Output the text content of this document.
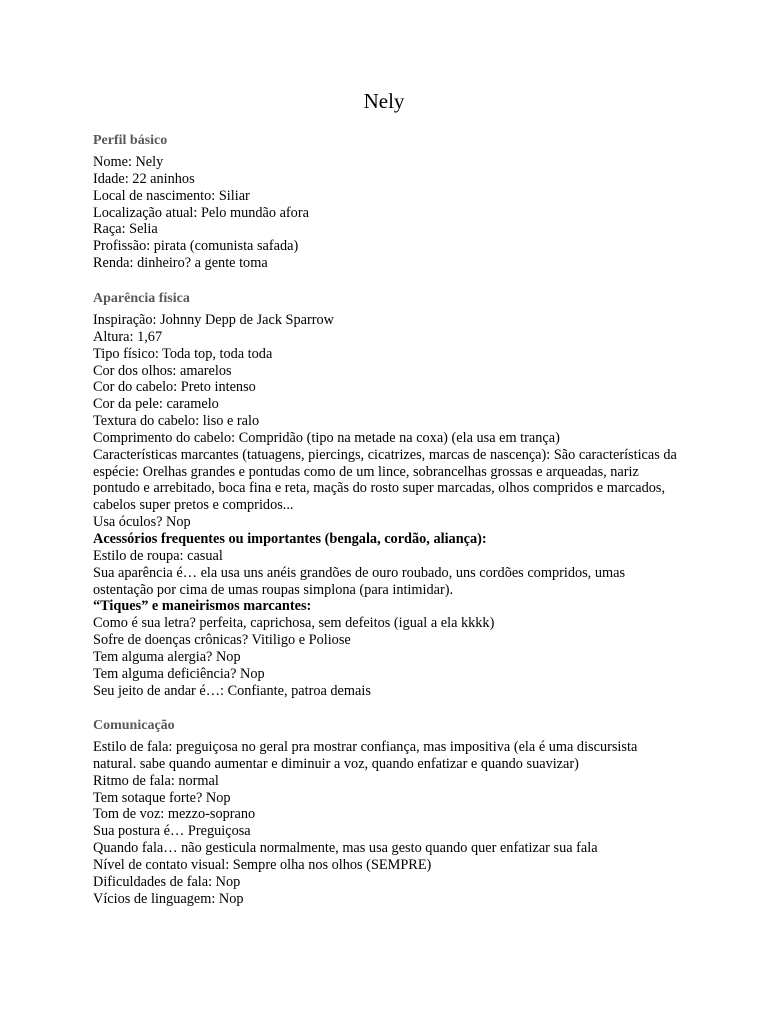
Nely
Perfil básico
Nome: Nely
Idade: 22 aninhos
Local de nascimento: Siliar
Localização atual: Pelo mundão afora
Raça: Selia
Profissão: pirata (comunista safada)
Renda: dinheiro? a gente toma
Aparência física
Inspiração: Johnny Depp de Jack Sparrow
Altura: 1,67
Tipo físico: Toda top, toda toda
Cor dos olhos: amarelos
Cor do cabelo: Preto intenso
Cor da pele: caramelo
Textura do cabelo: liso e ralo
Comprimento do cabelo: Compridão (tipo na metade na coxa) (ela usa em trança)
Características marcantes (tatuagens, piercings, cicatrizes, marcas de nascença): São características da espécie: Orelhas grandes e pontudas como de um lince, sobrancelhas grossas e arqueadas, nariz pontudo e arrebitado, boca fina e reta, maçãs do rosto super marcadas, olhos compridos e marcados, cabelos super pretos e compridos...
Usa óculos? Nop
Acessórios frequentes ou importantes (bengala, cordão, aliança):
Estilo de roupa: casual
Sua aparência é… ela usa uns anéis grandões de ouro roubado, uns cordões compridos, umas ostentação por cima de umas roupas simplona (para intimidar).
“Tiques” e maneirismos marcantes:
Como é sua letra? perfeita, caprichosa, sem defeitos (igual a ela kkkk)
Sofre de doenças crônicas? Vitiligo e Poliose
Tem alguma alergia? Nop
Tem alguma deficiência? Nop
Seu jeito de andar é…: Confiante, patroa demais
Comunicação
Estilo de fala: preguiçosa no geral pra mostrar confiança, mas impositiva (ela é uma discursista natural. sabe quando aumentar e diminuir a voz, quando enfatizar e quando suavizar)
Ritmo de fala: normal
Tem sotaque forte? Nop
Tom de voz: mezzo-soprano
Sua postura é… Preguiçosa
Quando fala… não gesticula normalmente, mas usa gesto quando quer enfatizar sua fala
Nível de contato visual: Sempre olha nos olhos (SEMPRE)
Dificuldades de fala: Nop
Vícios de linguagem: Nop
